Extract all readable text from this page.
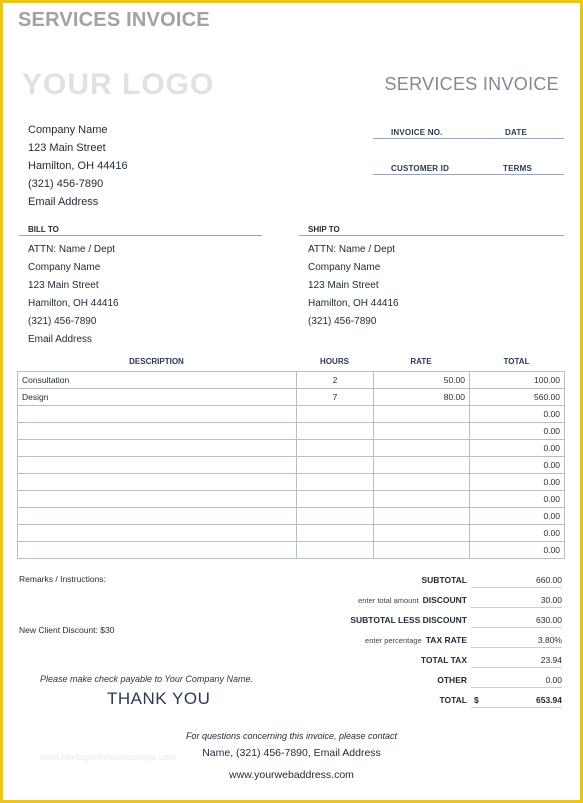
SERVICES INVOICE
YOUR LOGO	SERVICES INVOICE
Company Name
123 Main Street
Hamilton, OH 44416
(321) 456-7890
Email Address
INVOICE NO.	DATE
CUSTOMER ID	TERMS
BILL TO
ATTN: Name / Dept
Company Name
123 Main Street
Hamilton, OH 44416
(321) 456-7890
Email Address
SHIP TO
ATTN: Name / Dept
Company Name
123 Main Street
Hamilton, OH 44416
(321) 456-7890
DESCRIPTION	HOURS	RATE	TOTAL
Consultation	2	50.00	100.00
Design	7	80.00	560.00
			0.00
			0.00
			0.00
			0.00
			0.00
			0.00
			0.00
			0.00
			0.00
Remarks / Instructions:
New Client Discount: $30
SUBTOTAL	660.00
enter total amount DISCOUNT	30.00
SUBTOTAL LESS DISCOUNT	630.00
enter percentage TAX RATE	3.80%
TOTAL TAX	23.94
OTHER	0.00
TOTAL $	653.94
Please make check payable to Your Company Name.
THANK YOU
www.heritagechristiancollege.com
For questions concerning this invoice, please contact
Name, (321) 456-7890, Email Address
www.yourwebaddress.com
